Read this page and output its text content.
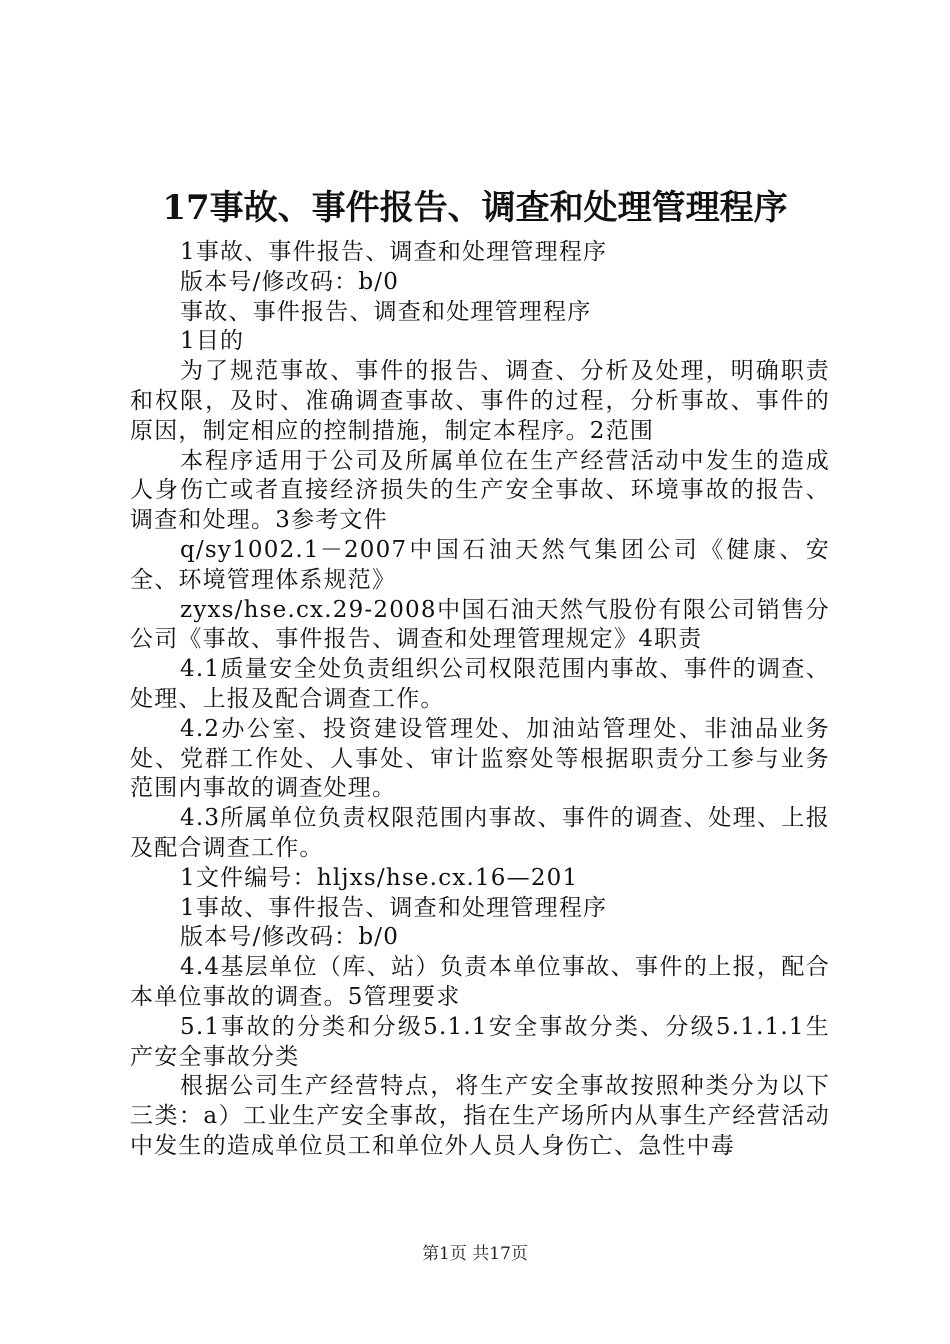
17事故、事件报告、调查和处理管理程序

1事故、事件报告、调查和处理管理程序

版本号/修改码：b/0

事故、事件报告、调查和处理管理程序

1目的

为了规范事故、事件的报告、调查、分析及处理，明确职责和权限，及时、准确调查事故、事件的过程，分析事故、事件的原因，制定相应的控制措施，制定本程序。2范围

本程序适用于公司及所属单位在生产经营活动中发生的造成人身伤亡或者直接经济损失的生产安全事故、环境事故的报告、调查和处理。3参考文件

q/sy1002.1－2007中国石油天然气集团公司《健康、安全、环境管理体系规范》

zyxs/hse.cx.29-2008中国石油天然气股份有限公司销售分公司《事故、事件报告、调查和处理管理规定》4职责

4.1质量安全处负责组织公司权限范围内事故、事件的调查、处理、上报及配合调查工作。

4.2办公室、投资建设管理处、加油站管理处、非油品业务处、党群工作处、人事处、审计监察处等根据职责分工参与业务范围内事故的调查处理。

4.3所属单位负责权限范围内事故、事件的调查、处理、上报及配合调查工作。

1文件编号：hljxs/hse.cx.16—201

1事故、事件报告、调查和处理管理程序

版本号/修改码：b/0

4.4基层单位（库、站）负责本单位事故、事件的上报，配合本单位事故的调查。5管理要求

5.1事故的分类和分级5.1.1安全事故分类、分级5.1.1.1生产安全事故分类

根据公司生产经营特点，将生产安全事故按照种类分为以下三类：a）工业生产安全事故，指在生产场所内从事生产经营活动中发生的造成单位员工和单位外人员人身伤亡、急性中毒

第1页 共17页
